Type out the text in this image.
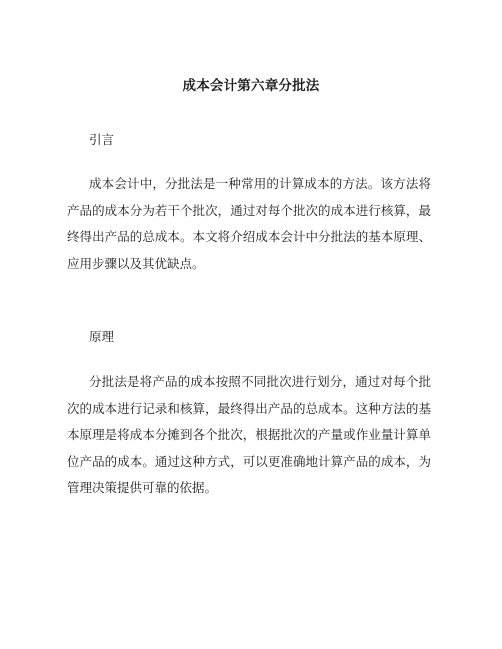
成本会计第六章分批法
引言

成本会计中，分批法是一种常用的计算成本的方法。该方法将产品的成本分为若干个批次，通过对每个批次的成本进行核算，最终得出产品的总成本。本文将介绍成本会计中分批法的基本原理、应用步骤以及其优缺点。

原理

分批法是将产品的成本按照不同批次进行划分，通过对每个批次的成本进行记录和核算，最终得出产品的总成本。这种方法的基本原理是将成本分摊到各个批次，根据批次的产量或作业量计算单位产品的成本。通过这种方式，可以更准确地计算产品的成本，为管理决策提供可靠的依据。
